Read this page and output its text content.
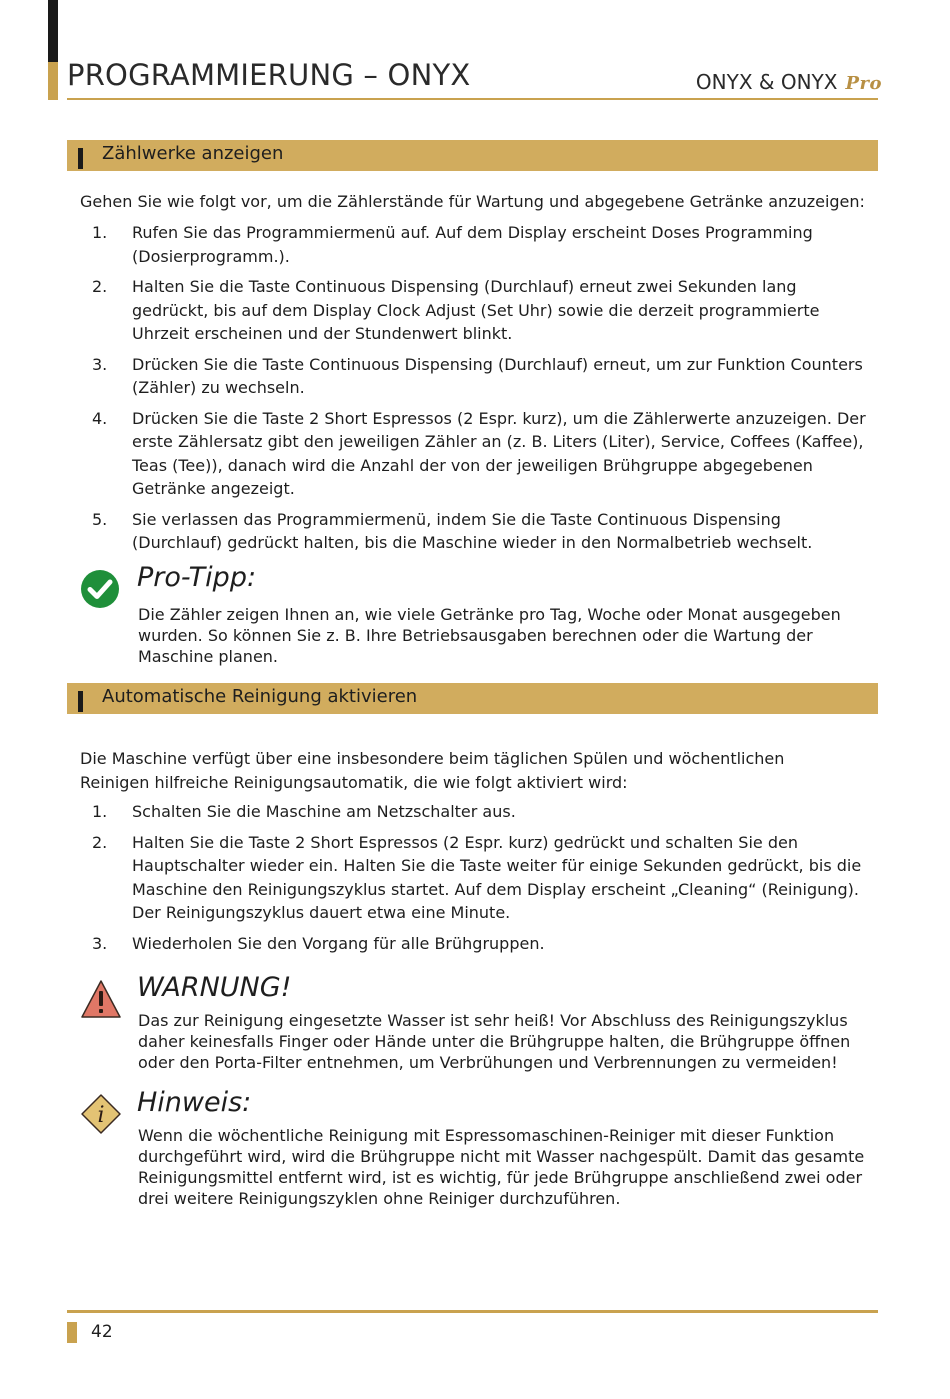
PROGRAMMIERUNG – ONYX	ONYX & ONYX Pro
Zählwerke anzeigen
Gehen Sie wie folgt vor, um die Zählerstände für Wartung und abgegebene Getränke anzuzeigen:
1. Rufen Sie das Programmiermenü auf. Auf dem Display erscheint Doses Programming (Dosierprogramm.).
2. Halten Sie die Taste Continuous Dispensing (Durchlauf) erneut zwei Sekunden lang gedrückt, bis auf dem Display Clock Adjust (Set Uhr) sowie die derzeit programmierte Uhrzeit erscheinen und der Stundenwert blinkt.
3. Drücken Sie die Taste Continuous Dispensing (Durchlauf) erneut, um zur Funktion Counters (Zähler) zu wechseln.
4. Drücken Sie die Taste 2 Short Espressos (2 Espr. kurz), um die Zählerwerte anzuzeigen. Der erste Zählersatz gibt den jeweiligen Zähler an (z. B. Liters (Liter), Service, Coffees (Kaffee), Teas (Tee)), danach wird die Anzahl der von der jeweiligen Brühgruppe abgegebenen Getränke angezeigt.
5. Sie verlassen das Programmiermenü, indem Sie die Taste Continuous Dispensing (Durchlauf) gedrückt halten, bis die Maschine wieder in den Normalbetrieb wechselt.
Pro-Tipp:
Die Zähler zeigen Ihnen an, wie viele Getränke pro Tag, Woche oder Monat ausgegeben wurden. So können Sie z. B. Ihre Betriebsausgaben berechnen oder die Wartung der Maschine planen.
Automatische Reinigung aktivieren
Die Maschine verfügt über eine insbesondere beim täglichen Spülen und wöchentlichen Reinigen hilfreiche Reinigungsautomatik, die wie folgt aktiviert wird:
1. Schalten Sie die Maschine am Netzschalter aus.
2. Halten Sie die Taste 2 Short Espressos (2 Espr. kurz) gedrückt und schalten Sie den Hauptschalter wieder ein. Halten Sie die Taste weiter für einige Sekunden gedrückt, bis die Maschine den Reinigungszyklus startet. Auf dem Display erscheint „Cleaning“ (Reinigung). Der Reinigungszyklus dauert etwa eine Minute.
3. Wiederholen Sie den Vorgang für alle Brühgruppen.
WARNUNG!
Das zur Reinigung eingesetzte Wasser ist sehr heiß! Vor Abschluss des Reinigungszyklus daher keinesfalls Finger oder Hände unter die Brühgruppe halten, die Brühgruppe öffnen oder den Porta-Filter entnehmen, um Verbrühungen und Verbrennungen zu vermeiden!
i Hinweis:
Wenn die wöchentliche Reinigung mit Espressomaschinen-Reiniger mit dieser Funktion durchgeführt wird, wird die Brühgruppe nicht mit Wasser nachgespült. Damit das gesamte Reinigungsmittel entfernt wird, ist es wichtig, für jede Brühgruppe anschließend zwei oder drei weitere Reinigungszyklen ohne Reiniger durchzuführen.
42
